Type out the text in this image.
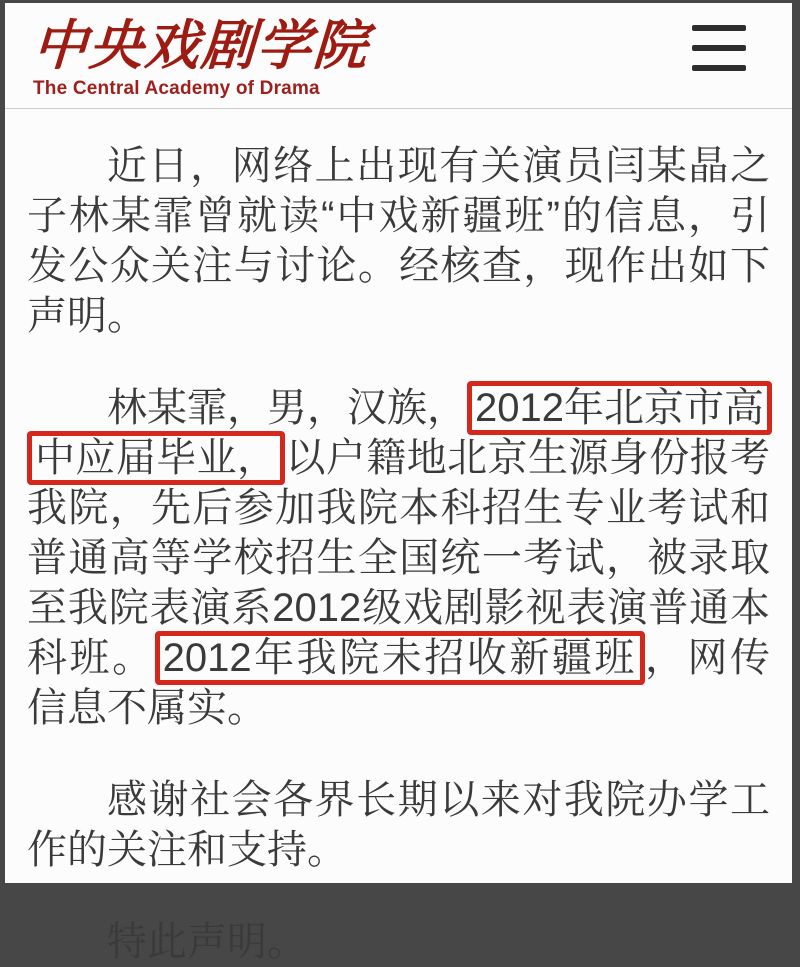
中央戏剧学院
The Central Academy of Drama

近日，网络上出现有关演员闫某晶之子林某霏曾就读“中戏新疆班”的信息，引发公众关注与讨论。经核查，现作出如下声明。

林某霏，男，汉族， 2012年北京市高中应届毕业， 以户籍地北京生源身份报考我院，先后参加我院本科招生专业考试和普通高等学校招生全国统一考试，被录取至我院表演系2012级戏剧影视表演普通本科班。 2012年我院未招收新疆班 ，网传信息不属实。

感谢社会各界长期以来对我院办学工作的关注和支持。

特此声明。
